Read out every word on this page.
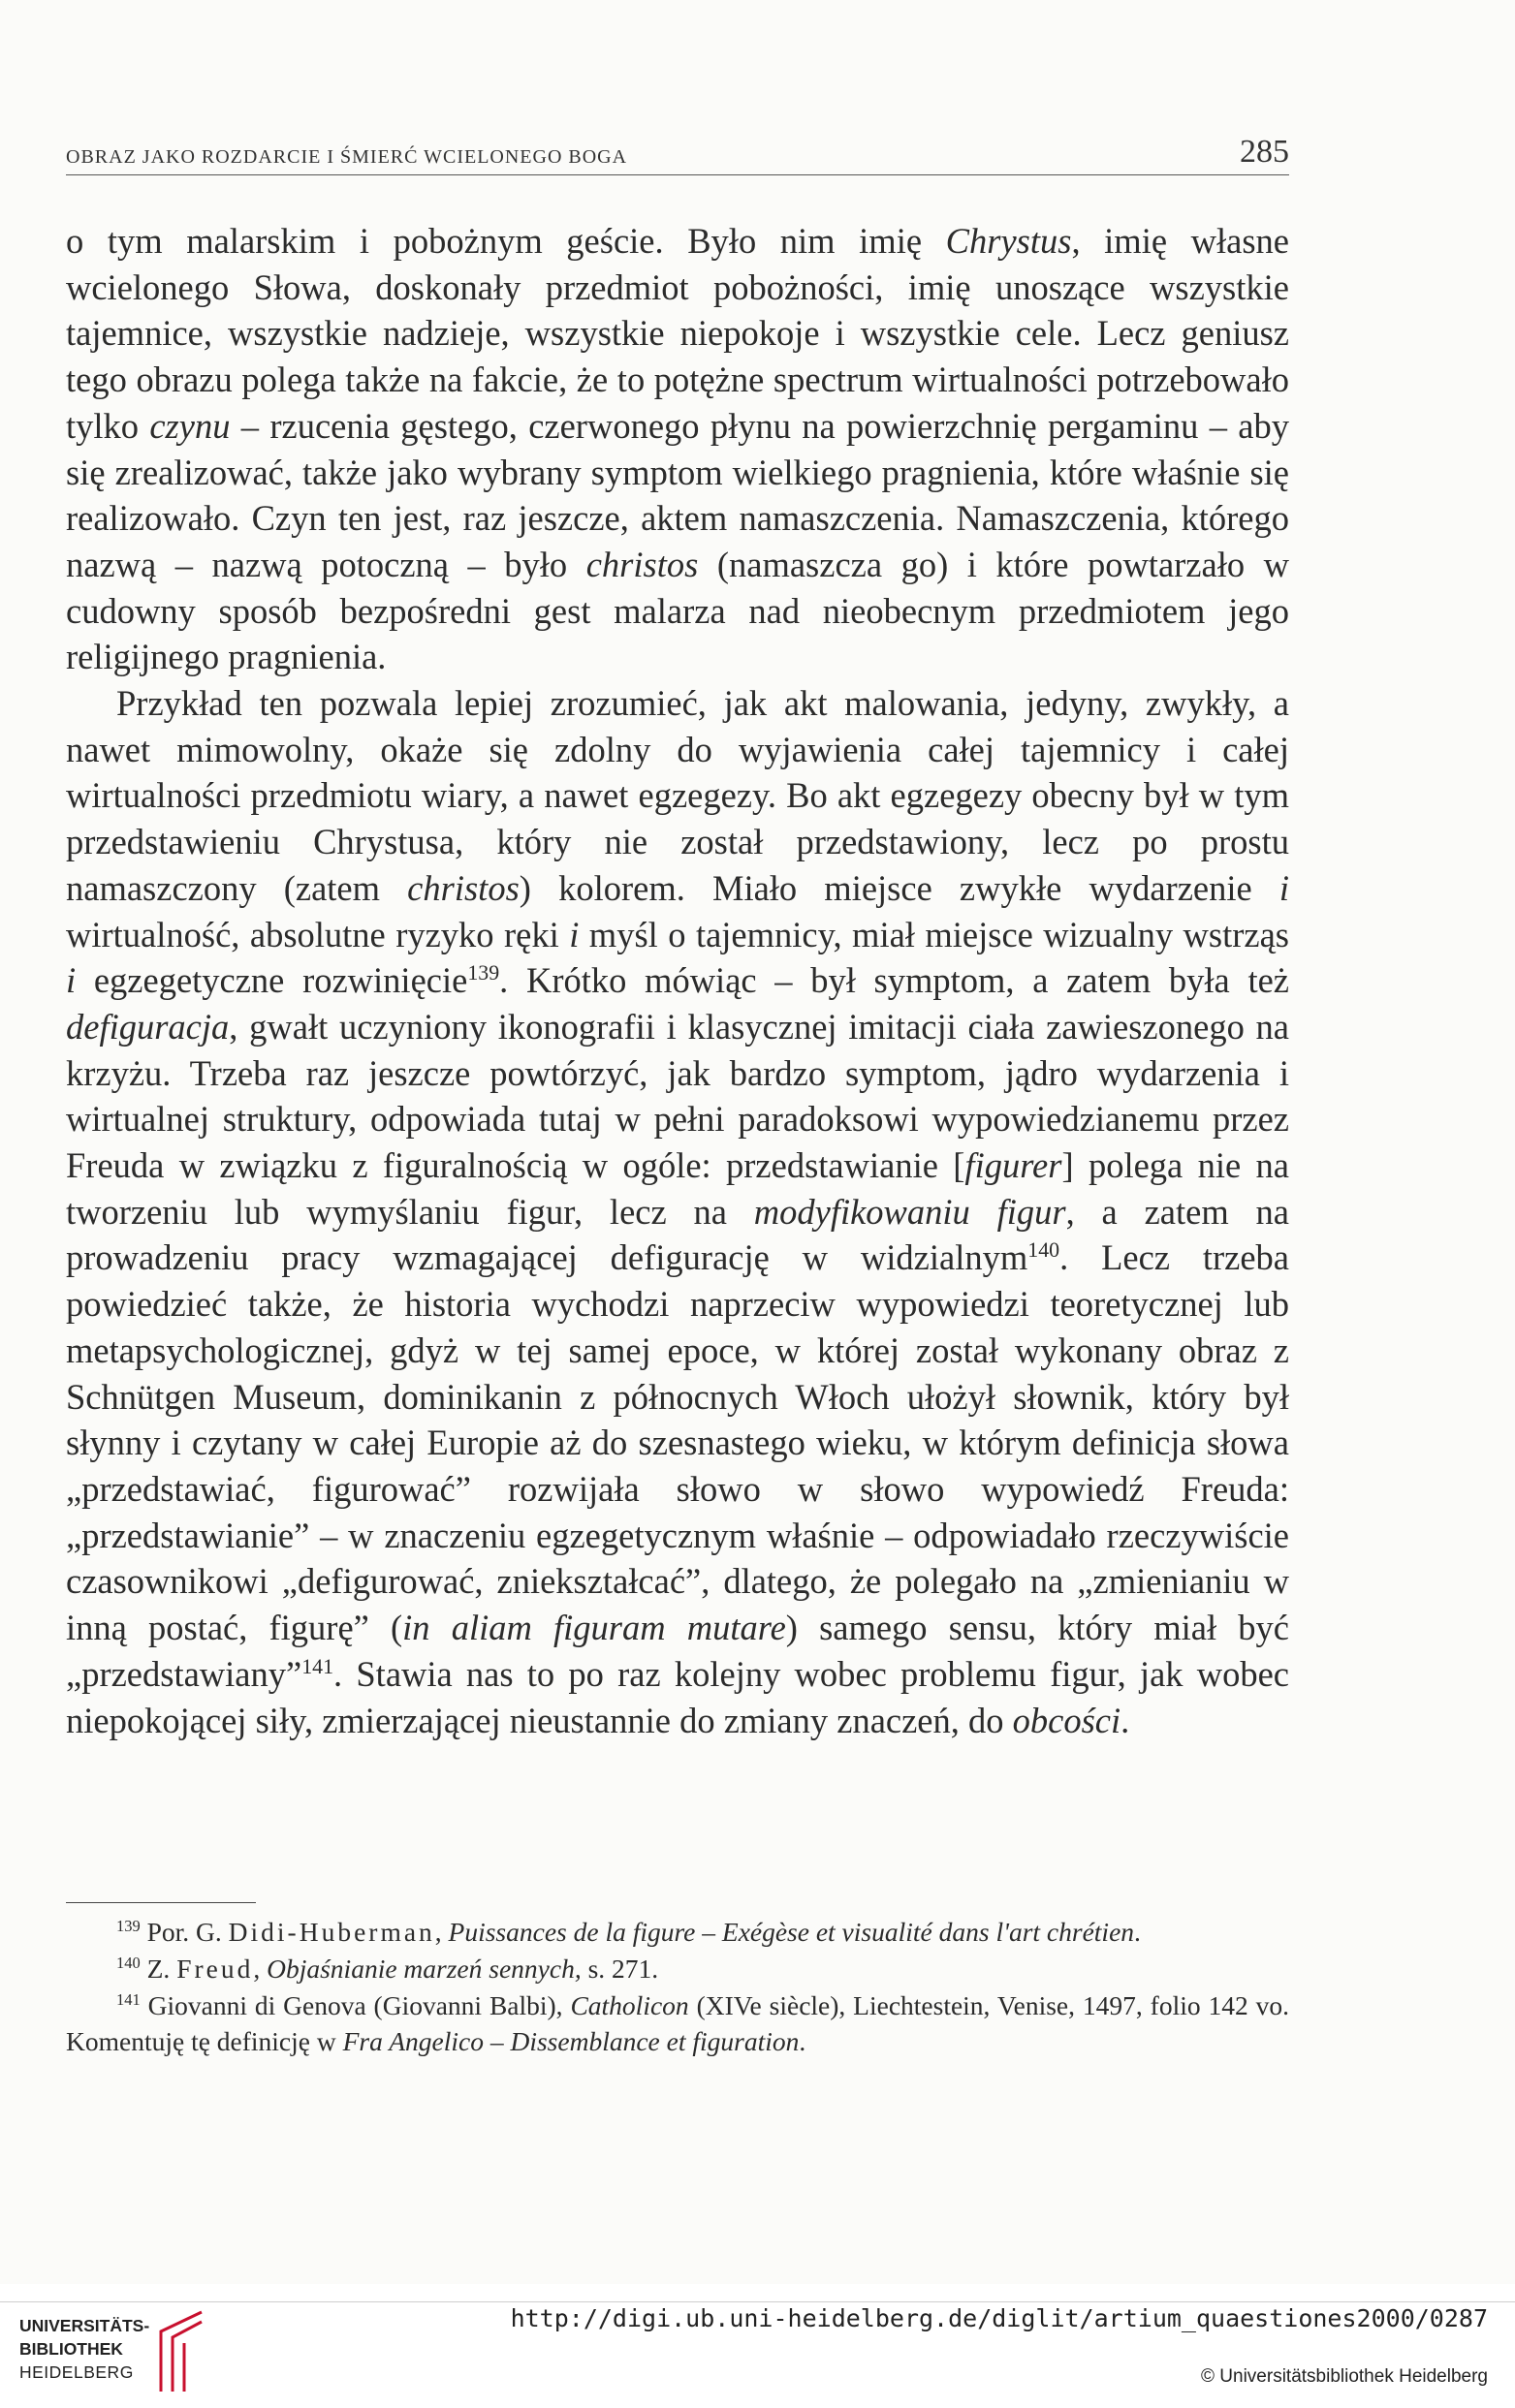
OBRAZ JAKO ROZDARCIE I ŚMIERĆ WCIELONEGO BOGA	285

o tym malarskim i pobożnym geście. Było nim imię Chrystus, imię własne wcielonego Słowa, doskonały przedmiot pobożności, imię unoszące wszystkie tajemnice, wszystkie nadzieje, wszystkie niepokoje i wszystkie cele. Lecz geniusz tego obrazu polega także na fakcie, że to potężne spectrum wirtualności potrzebowało tylko czynu – rzucenia gęstego, czerwonego płynu na powierzchnię pergaminu – aby się zrealizować, także jako wybrany symptom wielkiego pragnienia, które właśnie się realizowało. Czyn ten jest, raz jeszcze, aktem namaszczenia. Namaszczenia, którego nazwą – nazwą potoczną – było christos (namaszcza go) i które powtarzało w cudowny sposób bezpośredni gest malarza nad nieobecnym przedmiotem jego religijnego pragnienia.

Przykład ten pozwala lepiej zrozumieć, jak akt malowania, jedyny, zwykły, a nawet mimowolny, okaże się zdolny do wyjawienia całej tajemnicy i całej wirtualności przedmiotu wiary, a nawet egzegezy. Bo akt egzegezy obecny był w tym przedstawieniu Chrystusa, który nie został przedstawiony, lecz po prostu namaszczony (zatem christos) kolorem. Miało miejsce zwykłe wydarzenie i wirtualność, absolutne ryzyko ręki i myśl o tajemnicy, miał miejsce wizualny wstrząs i egzegetyczne rozwinięcie$^{139}$. Krótko mówiąc – był symptom, a zatem była też defiguracja, gwałt uczyniony ikonografii i klasycznej imitacji ciała zawieszonego na krzyżu. Trzeba raz jeszcze powtórzyć, jak bardzo symptom, jądro wydarzenia i wirtualnej struktury, odpowiada tutaj w pełni paradoksowi wypowiedzianemu przez Freuda w związku z figuralnością w ogóle: przedstawianie [figurer] polega nie na tworzeniu lub wymyślaniu figur, lecz na modyfikowaniu figur, a zatem na prowadzeniu pracy wzmagającej defigurację w widzialnym$^{140}$. Lecz trzeba powiedzieć także, że historia wychodzi naprzeciw wypowiedzi teoretycznej lub metapsychologicznej, gdyż w tej samej epoce, w której został wykonany obraz z Schnütgen Museum, dominikanin z północnych Włoch ułożył słownik, który był słynny i czytany w całej Europie aż do szesnastego wieku, w którym definicja słowa „przedstawiać, figurować” rozwijała słowo w słowo wypowiedź Freuda: „przedstawianie” – w znaczeniu egzegetycznym właśnie – odpowiadało rzeczywiście czasownikowi „defigurować, zniekształcać”, dlatego, że polegało na „zmienianiu w inną postać, figurę” (in aliam figuram mutare) samego sensu, który miał być „przedstawiany”$^{141}$. Stawia nas to po raz kolejny wobec problemu figur, jak wobec niepokojącej siły, zmierzającej nieustannie do zmiany znaczeń, do obcości.

$^{139}$ Por. G. Didi-Huberman, Puissances de la figure – Exégèse et visualité dans l'art chrétien.

$^{140}$ Z. Freud, Objaśnianie marzeń sennych, s. 271.

$^{141}$ Giovanni di Genova (Giovanni Balbi), Catholicon (XIVe siècle), Liechtestein, Venise, 1497, folio 142 vo. Komentuję tę definicję w Fra Angelico – Dissemblance et figuration.

UNIVERSITÄTS-
BIBLIOTHEK
HEIDELBERG
http://digi.ub.uni-heidelberg.de/diglit/artium_quaestiones2000/0287
© Universitätsbibliothek Heidelberg
